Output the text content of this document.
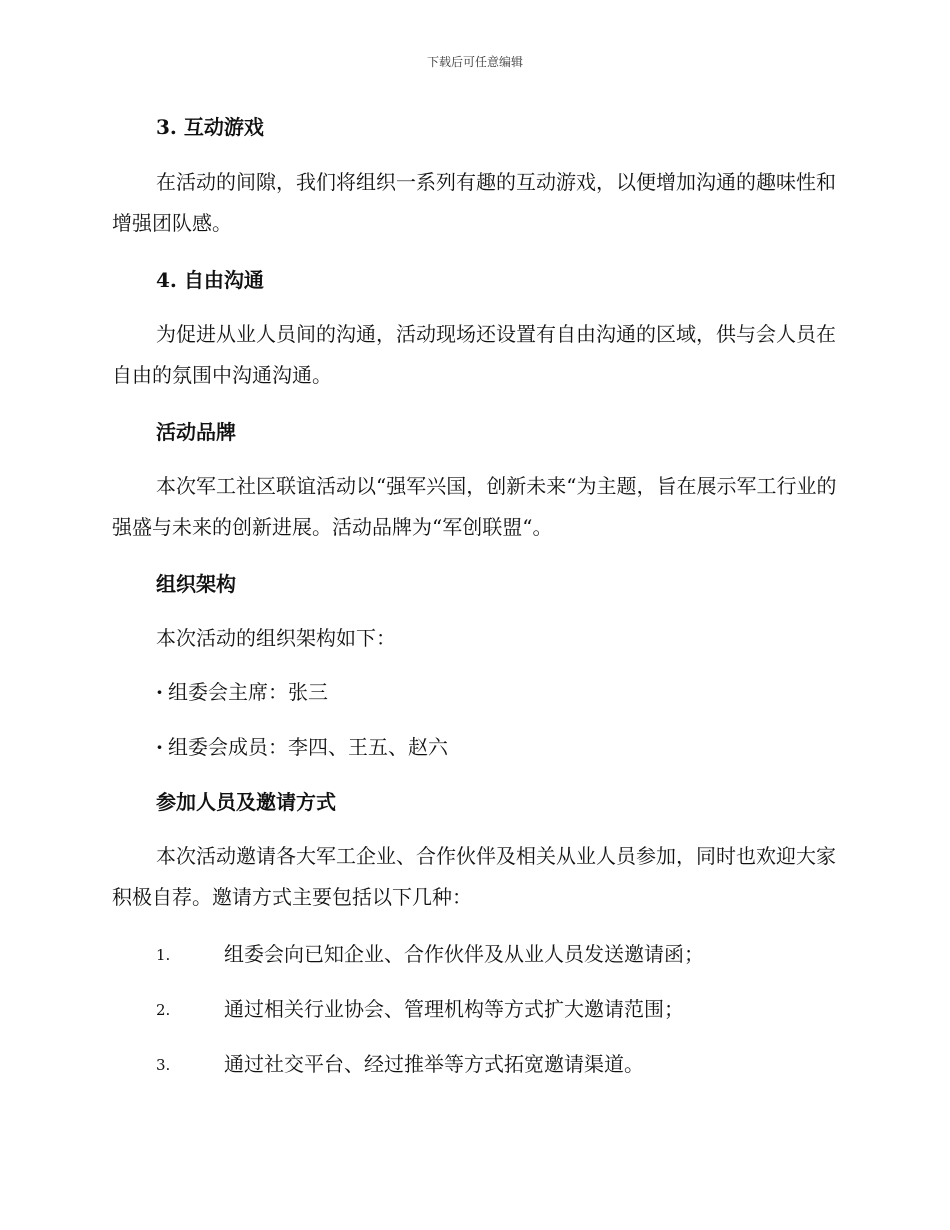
下载后可任意编辑
3. 互动游戏
在活动的间隙，我们将组织一系列有趣的互动游戏，以便增加沟通的趣味性和增强团队感。
4. 自由沟通
为促进从业人员间的沟通，活动现场还设置有自由沟通的区域，供与会人员在自由的氛围中沟通沟通。
活动品牌
本次军工社区联谊活动以“强军兴国，创新未来“为主题，旨在展示军工行业的强盛与未来的创新进展。活动品牌为“军创联盟“。
组织架构
本次活动的组织架构如下：
· 组委会主席：张三
· 组委会成员：李四、王五、赵六
参加人员及邀请方式
本次活动邀请各大军工企业、合作伙伴及相关从业人员参加，同时也欢迎大家积极自荐。邀请方式主要包括以下几种：
1.	组委会向已知企业、合作伙伴及从业人员发送邀请函；
2.	通过相关行业协会、管理机构等方式扩大邀请范围；
3.	通过社交平台、经过推举等方式拓宽邀请渠道。
